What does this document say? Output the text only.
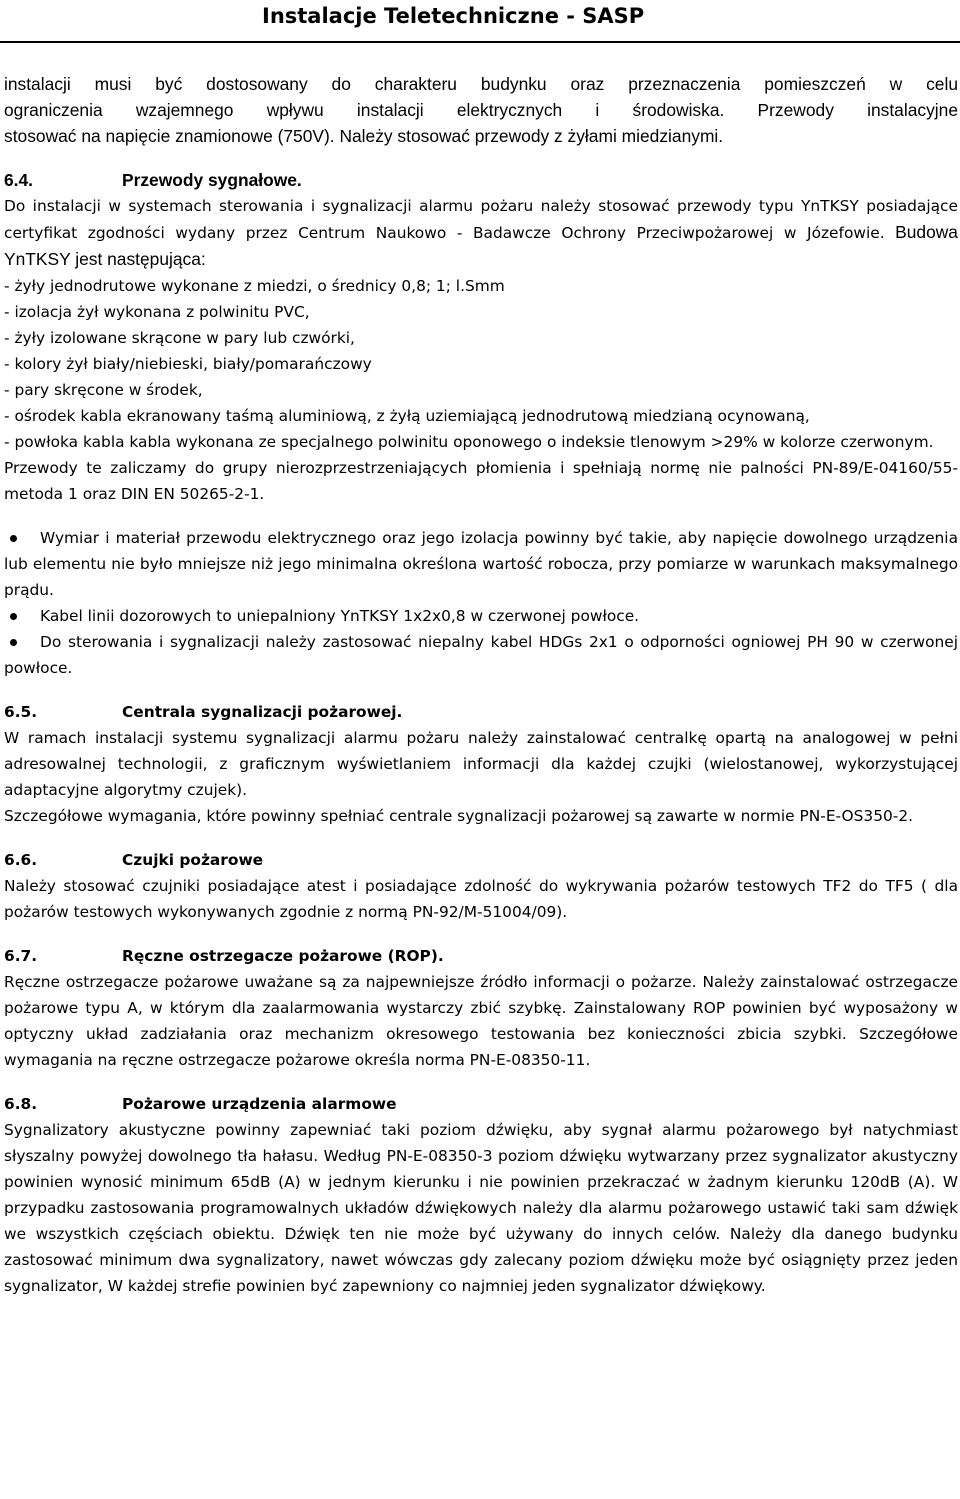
Instalacje Teletechniczne - SASP
instalacji musi być dostosowany do charakteru budynku oraz przeznaczenia pomieszczeń w celu
ograniczenia wzajemnego wpływu instalacji elektrycznych i środowiska. Przewody instalacyjne
stosować na napięcie znamionowe (750V). Należy stosować przewody z żyłami miedzianymi.
6.4.	Przewody sygnałowe.

Do instalacji w systemach sterowania i sygnalizacji alarmu pożaru należy stosować przewody typu YnTKSY posiadające certyfikat zgodności wydany przez Centrum Naukowo - Badawcze Ochrony Przeciwpożarowej w Józefowie. Budowa YnTKSY jest następująca:

- żyły jednodrutowe wykonane z miedzi, o średnicy 0,8; 1; l.Smm

- izolacja żył wykonana z polwinitu PVC,

- żyły izolowane skrącone w pary lub czwórki,

- kolory żył biały/niebieski, biały/pomarańczowy

- pary skręcone w środek,

- ośrodek kabla ekranowany taśmą aluminiową, z żyłą uziemiającą jednodrutową miedzianą ocynowaną,

- powłoka kabla kabla wykonana ze specjalnego polwinitu oponowego o indeksie tlenowym >29% w kolorze czerwonym.

Przewody te zaliczamy do grupy nierozprzestrzeniających płomienia i spełniają normę nie palności PN-89/E-04160/55- metoda 1 oraz DIN EN 50265-2-1.

Wymiar i materiał przewodu elektrycznego oraz jego izolacja powinny być takie, aby napięcie dowolnego urządzenia lub elementu nie było mniejsze niż jego minimalna określona wartość robocza, przy pomiarze w warunkach maksymalnego prądu.

Kabel linii dozorowych to uniepalniony YnTKSY 1x2x0,8 w czerwonej powłoce.

Do sterowania i sygnalizacji należy zastosować niepalny kabel HDGs 2x1 o odporności ogniowej PH 90 w czerwonej powłoce.

6.5.	Centrala sygnalizacji pożarowej.

W ramach instalacji systemu sygnalizacji alarmu pożaru należy zainstalować centralkę opartą na analogowej w pełni adresowalnej technologii, z graficznym wyświetlaniem informacji dla każdej czujki (wielostanowej, wykorzystującej adaptacyjne algorytmy czujek).

Szczegółowe wymagania, które powinny spełniać centrale sygnalizacji pożarowej są zawarte w normie PN-E-OS350-2.

6.6.	Czujki pożarowe

Należy stosować czujniki posiadające atest i posiadające zdolność do wykrywania pożarów testowych TF2 do TF5 ( dla pożarów testowych wykonywanych zgodnie z normą PN-92/M-51004/09).

6.7.	Ręczne ostrzegacze pożarowe (ROP).

Ręczne ostrzegacze pożarowe uważane są za najpewniejsze źródło informacji o pożarze. Należy zainstalować ostrzegacze pożarowe typu A, w którym dla zaalarmowania wystarczy zbić szybkę. Zainstalowany ROP powinien być wyposażony w optyczny układ zadziałania oraz mechanizm okresowego testowania bez konieczności zbicia szybki. Szczegółowe wymagania na ręczne ostrzegacze pożarowe określa norma PN-E-08350-11.

6.8.	Pożarowe urządzenia alarmowe

Sygnalizatory akustyczne powinny zapewniać taki poziom dźwięku, aby sygnał alarmu pożarowego był natychmiast słyszalny powyżej dowolnego tła hałasu. Według PN-E-08350-3 poziom dźwięku wytwarzany przez sygnalizator akustyczny powinien wynosić minimum 65dB (A) w jednym kierunku i nie powinien przekraczać w żadnym kierunku 120dB (A). W przypadku zastosowania programowalnych układów dźwiękowych należy dla alarmu pożarowego ustawić taki sam dźwięk we wszystkich częściach obiektu. Dźwięk ten nie może być używany do innych celów. Należy dla danego budynku zastosować minimum dwa sygnalizatory, nawet wówczas gdy zalecany poziom dźwięku może być osiągnięty przez jeden sygnalizator, W każdej strefie powinien być zapewniony co najmniej jeden sygnalizator dźwiękowy.
